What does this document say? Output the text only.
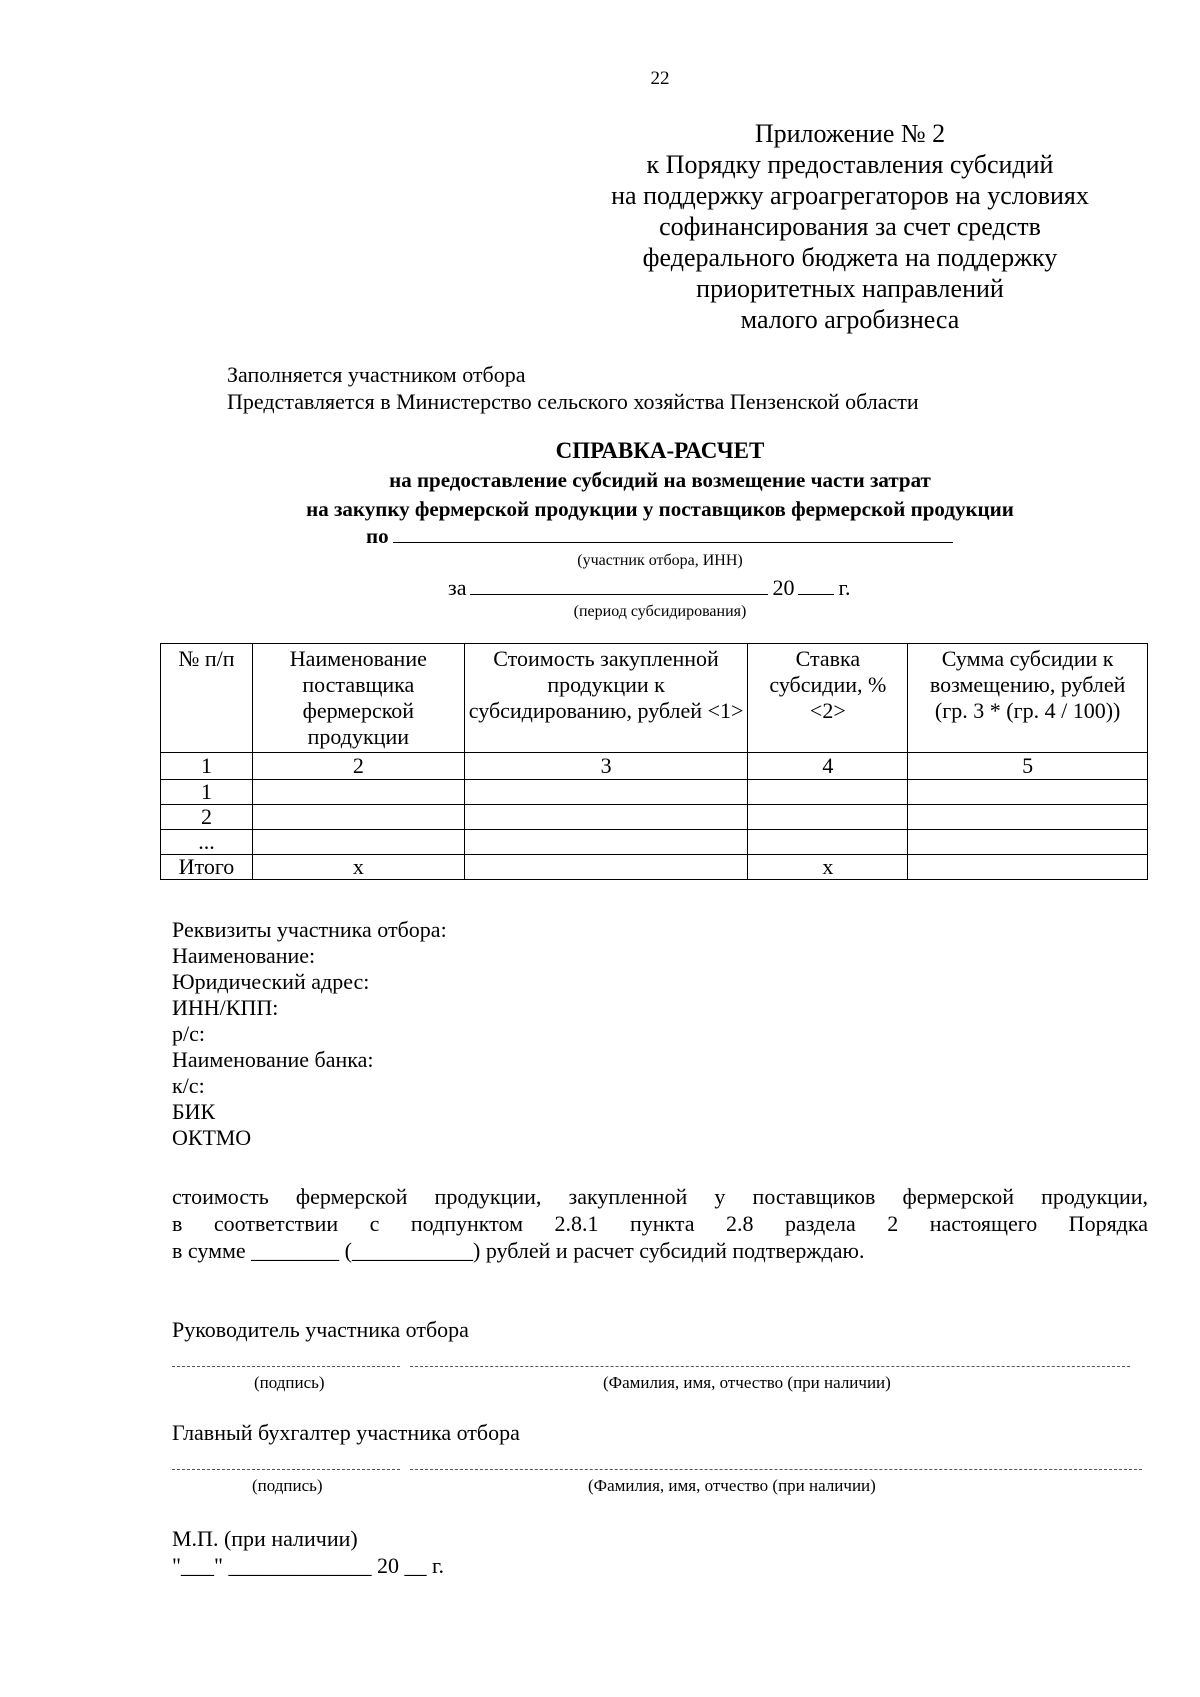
22
Приложение № 2
к Порядку предоставления субсидий
на поддержку агроагрегаторов на условиях
софинансирования за счет средств
федерального бюджета на поддержку
приоритетных направлений
малого агробизнеса
Заполняется участником отбора
Представляется в Министерство сельского хозяйства Пензенской области
СПРАВКА-РАСЧЕТ
на предоставление субсидий на возмещение части затрат
на закупку фермерской продукции у поставщиков фермерской продукции
по
(участник отбора, ИНН)
за	20 г.
(период субсидирования)
№ п/п	Наименование поставщика фермерской продукции	Стоимость закупленной продукции к субсидированию, рублей <1>	Ставка субсидии, % <2>	Сумма субсидии к возмещению, рублей (гр. 3 * (гр. 4 / 100))
1	2	3	4	5
1				
2				
...				
Итого	x		x	
Реквизиты участника отбора:
Наименование:
Юридический адрес:
ИНН/КПП:
р/с:
Наименование банка:
к/с:
БИК
ОКТМО
стоимость фермерской продукции, закупленной у поставщиков фермерской продукции,
в соответствии с подпунктом 2.8.1 пункта 2.8 раздела 2 настоящего Порядка
в сумме ________ (___________) рублей и расчет субсидий подтверждаю.
Руководитель участника отбора
(подпись)	(Фамилия, имя, отчество (при наличии)
Главный бухгалтер участника отбора
(подпись)	(Фамилия, имя, отчество (при наличии)
М.П. (при наличии)
"___" _____________ 20 __ г.
